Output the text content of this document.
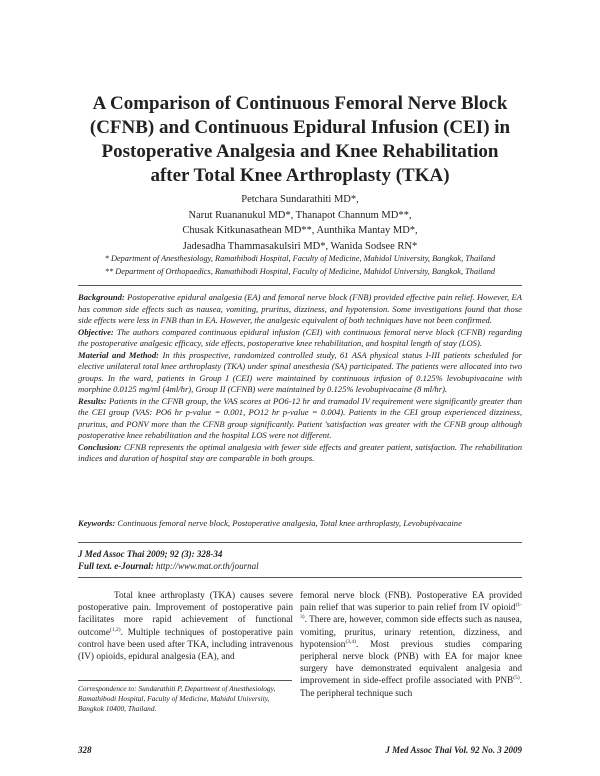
A Comparison of Continuous Femoral Nerve Block
(CFNB) and Continuous Epidural Infusion (CEI) in
Postoperative Analgesia and Knee Rehabilitation
after Total Knee Arthroplasty (TKA)
Petchara Sundarathiti MD*,
Narut Ruananukul MD*, Thanapot Channum MD**,
Chusak Kitkunasathean MD**, Aunthika Mantay MD*,
Jadesadha Thammasakulsiri MD*, Wanida Sodsee RN*
* Department of Anesthesiology, Ramathibodi Hospital, Faculty of Medicine, Mahidol University, Bangkok, Thailand
** Department of Orthopaedics, Ramathibodi Hospital, Faculty of Medicine, Mahidol University, Bangkok, Thailand

Background: Postoperative epidural analgesia (EA) and femoral nerve block (FNB) provided effective pain relief. However, EA has common side effects such as nausea, vomiting, pruritus, dizziness, and hypotension. Some investigations found that those side effects were less in FNB than in EA. However, the analgesic equivalent of both techniques have not been confirmed.

Objective: The authors compared continuous epidural infusion (CEI) with continuous femoral nerve block (CFNB) regarding the postoperative analgesic efficacy, side effects, postoperative knee rehabilitation, and hospital length of stay (LOS).

Material and Method: In this prospective, randomized controlled study, 61 ASA physical status I-III patients scheduled for elective unilateral total knee arthroplasty (TKA) under spinal anesthesia (SA) participated. The patients were allocated into two groups. In the ward, patients in Group I (CEI) were maintained by continuous infusion of 0.125% levobupivacaine with morphine 0.0125 mg/ml (4ml/hr), Group II (CFNB) were maintained by 0.125% levobupivacaine (8 ml/hr).

Results: Patients in the CFNB group, the VAS scores at PO6-12 hr and tramadol IV requirement were significantly greater than the CEI group (VAS: PO6 hr p-value = 0.001, PO12 hr p-value = 0.004). Patients in the CEI group experienced dizziness, pruritus, and PONV more than the CFNB group significantly. Patient 'satisfaction was greater with the CFNB group although postoperative knee rehabilitation and the hospital LOS were not different.

Conclusion: CFNB represents the optimal analgesia with fewer side effects and greater patient, satisfaction. The rehabilitation indices and duration of hospital stay are comparable in both groups.

Keywords: Continuous femoral nerve block, Postoperative analgesia, Total knee arthroplasty, Levobupivacaine
J Med Assoc Thai 2009; 92 (3): 328-34
Full text. e-Journal: http://www.mat.or.th/journal

Total knee arthroplasty (TKA) causes severe postoperative pain. Improvement of postoperative pain facilitates more rapid achievement of functional outcome$^{(1,2)}$. Multiple techniques of postoperative pain control have been used after TKA, including intravenous (IV) opioids, epidural analgesia (EA), and

femoral nerve block (FNB). Postoperative EA provided pain relief that was superior to pain relief from IV opioid$^{(1-3)}$. There are, however, common side effects such as nausea, vomiting, pruritus, urinary retention, dizziness, and hypotension$^{(3,4)}$. Most previous studies comparing peripheral nerve block (PNB) with EA for major knee surgery have demonstrated equivalent analgesia and improvement in side-effect profile associated with PNB$^{(5)}$. The peripheral technique such

Correspondence to: Sundarathiti P, Department of Anesthesiology, Ramathibodi Hospital, Faculty of Medicine, Mahidol University, Bangkok 10400, Thailand.
328	J Med Assoc Thai Vol. 92 No. 3 2009
